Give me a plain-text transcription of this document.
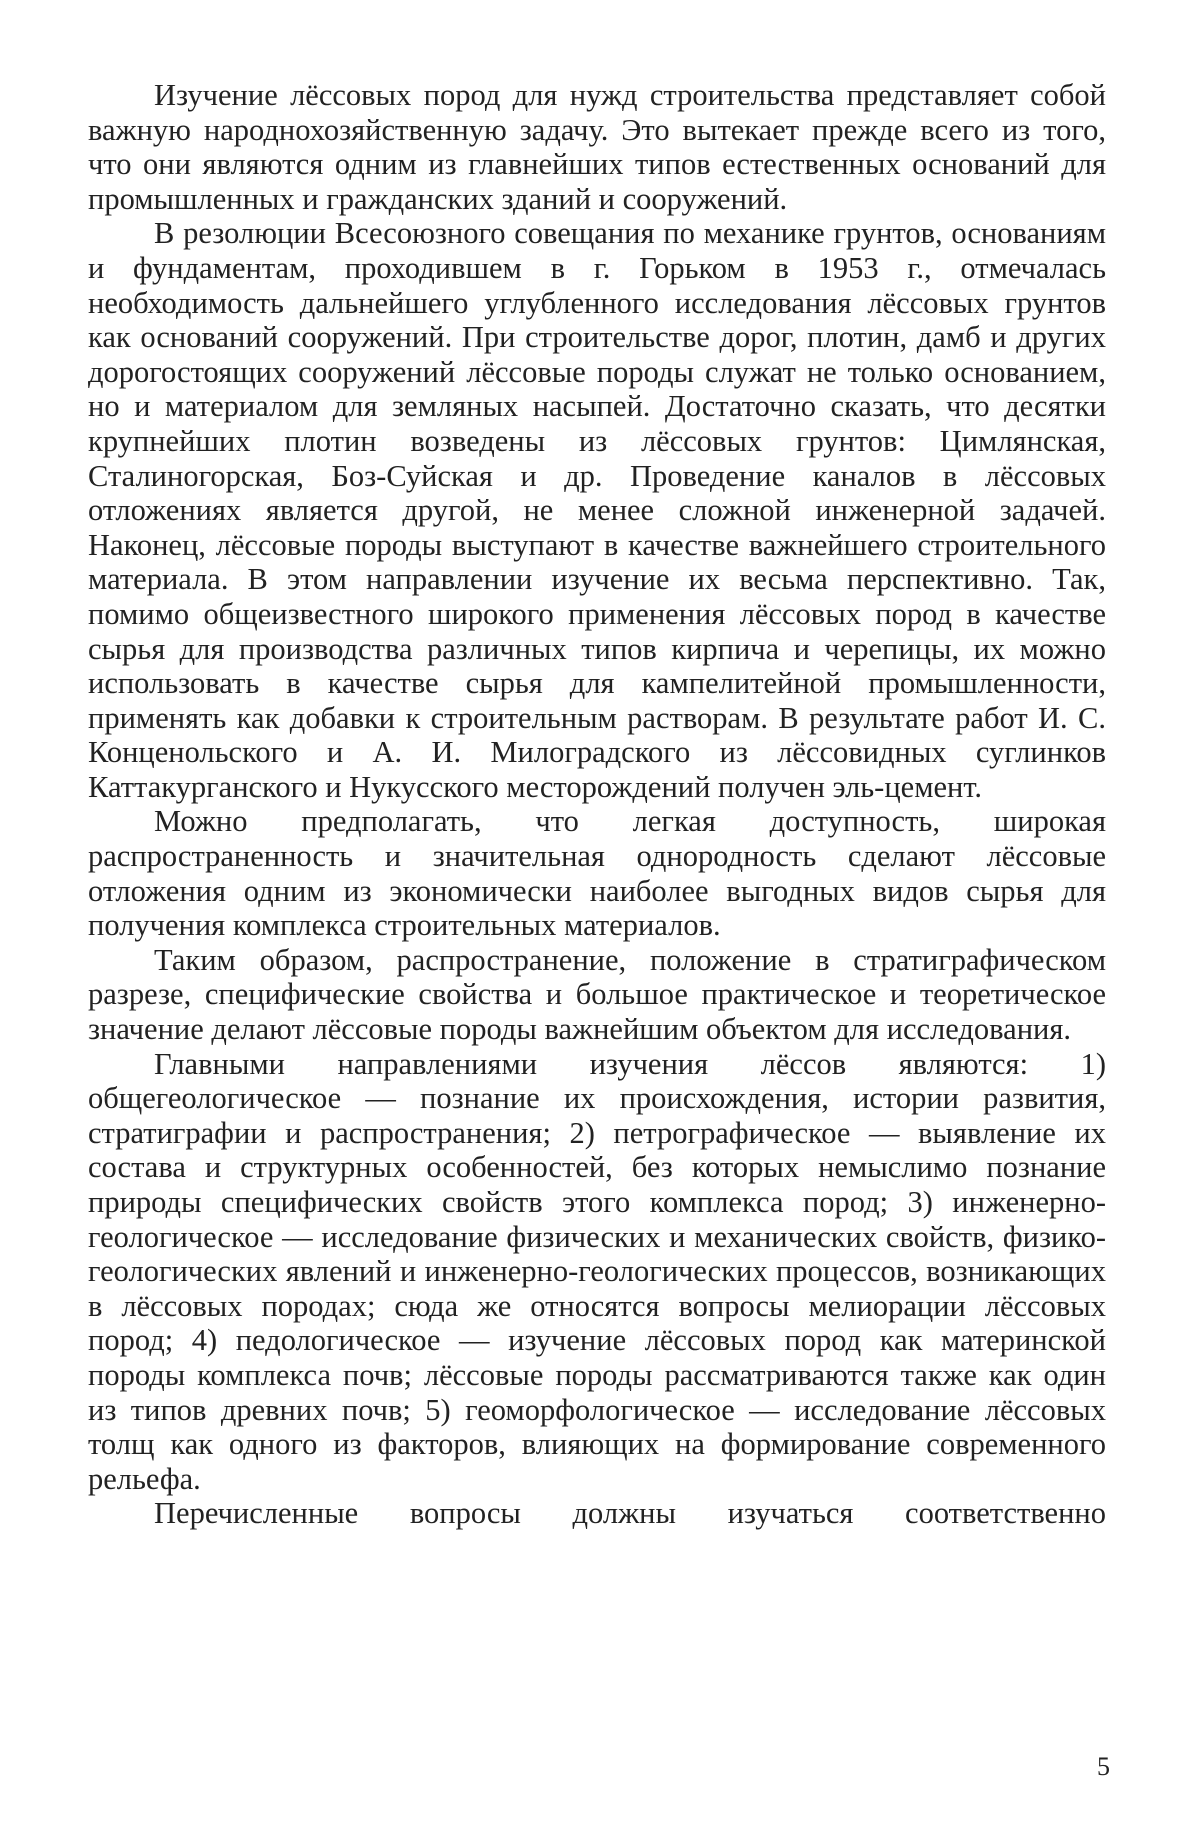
Изучение лёссовых пород для нужд строительства представляет собой важную народнохозяйственную задачу. Это вытекает прежде всего из того, что они являются одним из главнейших типов естественных оснований для промышленных и гражданских зданий и сооружений.

В резолюции Всесоюзного совещания по механике грунтов, основаниям и фундаментам, проходившем в г. Горьком в 1953 г., отмечалась необходимость дальнейшего углубленного исследования лёссовых грунтов как оснований сооружений. При строительстве дорог, плотин, дамб и других дорогостоящих сооружений лёссовые породы служат не только основанием, но и материалом для земляных насыпей. Достаточно сказать, что десятки крупнейших плотин возведены из лёссовых грунтов: Цимлянская, Сталиногорская, Боз-Суйская и др. Проведение каналов в лёссовых отложениях является другой, не менее сложной инженерной задачей. Наконец, лёссовые породы выступают в качестве важнейшего строительного материала. В этом направлении изучение их весьма перспективно. Так, помимо общеизвестного широкого применения лёссовых пород в качестве сырья для производства различных типов кирпича и черепицы, их можно использовать в качестве сырья для кампелитейной промышленности, применять как добавки к строительным растворам. В результате работ И. С. Конценольского и А. И. Милоградского из лёссовидных суглинков Каттакурганского и Нукусского месторождений получен эль-цемент.

Можно предполагать, что легкая доступность, широкая распространенность и значительная однородность сделают лёссовые отложения одним из экономически наиболее выгодных видов сырья для получения комплекса строительных материалов.

Таким образом, распространение, положение в стратиграфическом разрезе, специфические свойства и большое практическое и теоретическое значение делают лёссовые породы важнейшим объектом для исследования.

Главными направлениями изучения лёссов являются: 1) общегеологическое — познание их происхождения, истории развития, стратиграфии и распространения; 2) петрографическое — выявление их состава и структурных особенностей, без которых немыслимо познание природы специфических свойств этого комплекса пород; 3) инженерно-геологическое — исследование физических и механических свойств, физико-геологических явлений и инженерно-геологических процессов, возникающих в лёссовых породах; сюда же относятся вопросы мелиорации лёссовых пород; 4) педологическое — изучение лёссовых пород как материнской породы комплекса почв; лёссовые породы рассматриваются также как один из типов древних почв; 5) геоморфологическое — исследование лёссовых толщ как одного из факторов, влияющих на формирование современного рельефа.

Перечисленные вопросы должны изучаться соответственно

5
